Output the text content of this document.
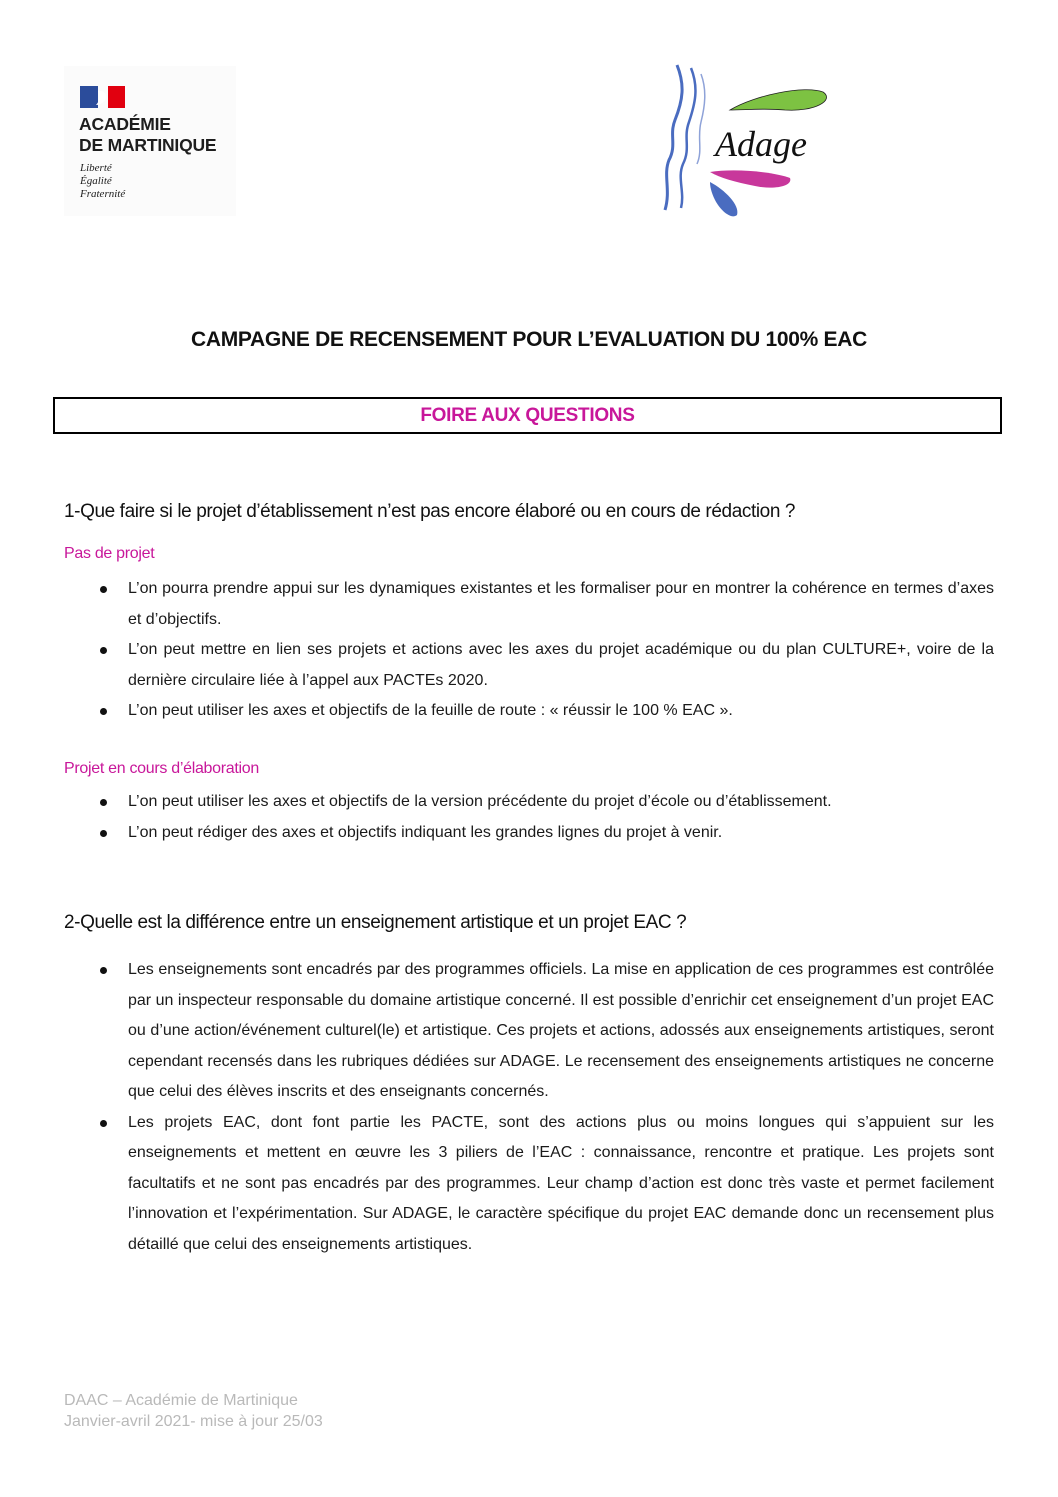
ACADÉMIE
DE MARTINIQUE
Liberté
Égalité
Fraternité
Adage
CAMPAGNE DE RECENSEMENT POUR L’EVALUATION DU 100% EAC
FOIRE AUX QUESTIONS
1-Que faire si le projet d’établissement n’est pas encore élaboré ou en cours de rédaction ?
Pas de projet
L’on pourra prendre appui sur les dynamiques existantes et les formaliser pour en montrer la cohérence en termes d’axes et d’objectifs.
L’on peut mettre en lien ses projets et actions avec les axes du projet académique ou du plan CULTURE+, voire de la dernière circulaire liée à l’appel aux PACTEs 2020.
L’on peut utiliser les axes et objectifs de la feuille de route : « réussir le 100 % EAC ».
Projet en cours d’élaboration
L’on peut utiliser les axes et objectifs de la version précédente du projet d’école ou d’établissement.
L’on peut rédiger des axes et objectifs indiquant les grandes lignes du projet à venir.
2-Quelle est la différence entre un enseignement artistique et un projet EAC ?
Les enseignements sont encadrés par des programmes officiels. La mise en application de ces programmes est contrôlée par un inspecteur responsable du domaine artistique concerné. Il est possible d’enrichir cet enseignement d’un projet EAC ou d’une action/événement culturel(le) et artistique. Ces projets et actions, adossés aux enseignements artistiques, seront cependant recensés dans les rubriques dédiées sur ADAGE. Le recensement des enseignements artistiques ne concerne que celui des élèves inscrits et des enseignants concernés.
Les projets EAC, dont font partie les PACTE, sont des actions plus ou moins longues qui s’appuient sur les enseignements et mettent en œuvre les 3 piliers de l’EAC : connaissance, rencontre et pratique. Les projets sont facultatifs et ne sont pas encadrés par des programmes. Leur champ d’action est donc très vaste et permet facilement l’innovation et l’expérimentation. Sur ADAGE, le caractère spécifique du projet EAC demande donc un recensement plus détaillé que celui des enseignements artistiques.
DAAC – Académie de Martinique
Janvier-avril 2021- mise à jour 25/03
